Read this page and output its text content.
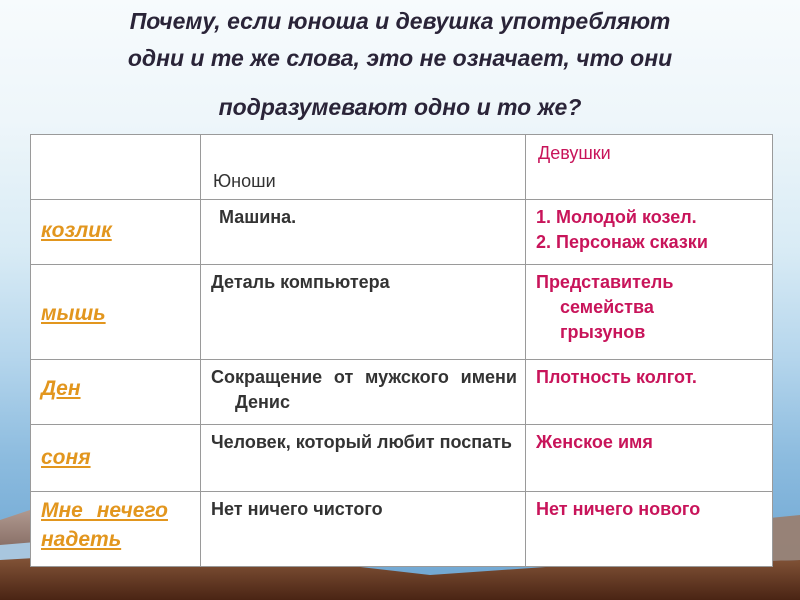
Почему, если юноша и девушка употребляют
одни и те же слова, это не означает, что они
подразумевают одно и то же?

	Юноши	Девушки

козлик	Машина.	1. Молодой козел.
2. Персонаж сказки

мышь	Деталь компьютера	Представитель
семейства
грызунов

Ден	Сокращение от мужского имени Денис	Плотность колгот.

соня	Человек, который любит поспать	Женское имя

Мне нечего надеть	Нет ничего чистого	Нет ничего нового
